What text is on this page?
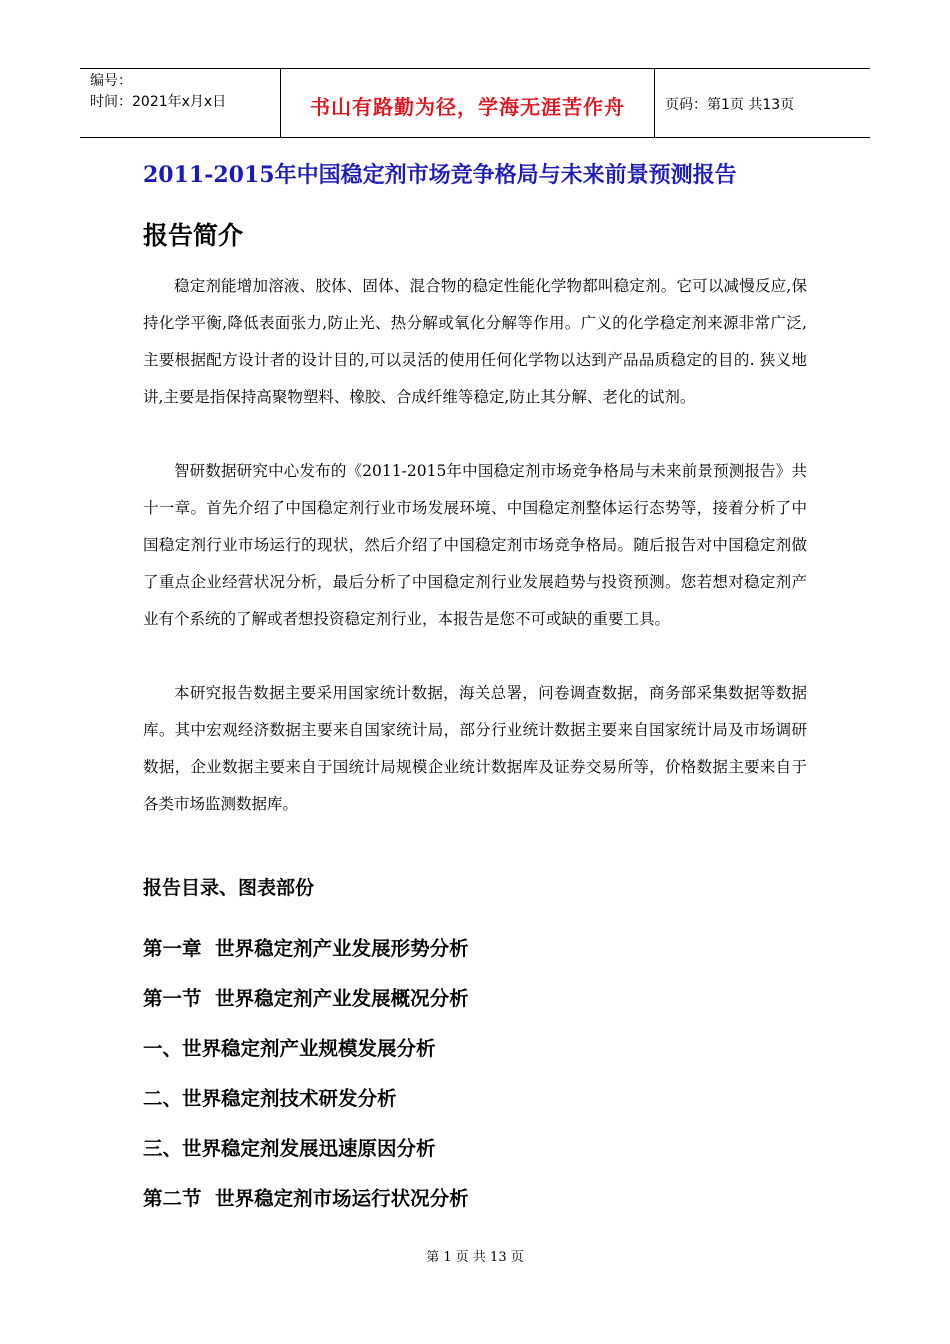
编号：
时间：2021年x月x日	书山有路勤为径，学海无涯苦作舟	页码：第1页 共13页
2011-2015年中国稳定剂市场竞争格局与未来前景预测报告
报告简介

稳定剂能增加溶液、胶体、固体、混合物的稳定性能化学物都叫稳定剂。它可以减慢反应,保持化学平衡,降低表面张力,防止光、热分解或氧化分解等作用。广义的化学稳定剂来源非常广泛,主要根据配方设计者的设计目的,可以灵活的使用任何化学物以达到产品品质稳定的目的. 狭义地讲,主要是指保持高聚物塑料、橡胶、合成纤维等稳定,防止其分解、老化的试剂。

智研数据研究中心发布的《2011-2015年中国稳定剂市场竞争格局与未来前景预测报告》共十一章。首先介绍了中国稳定剂行业市场发展环境、中国稳定剂整体运行态势等，接着分析了中国稳定剂行业市场运行的现状，然后介绍了中国稳定剂市场竞争格局。随后报告对中国稳定剂做了重点企业经营状况分析，最后分析了中国稳定剂行业发展趋势与投资预测。您若想对稳定剂产业有个系统的了解或者想投资稳定剂行业，本报告是您不可或缺的重要工具。

本研究报告数据主要采用国家统计数据，海关总署，问卷调查数据，商务部采集数据等数据库。其中宏观经济数据主要来自国家统计局，部分行业统计数据主要来自国家统计局及市场调研数据，企业数据主要来自于国统计局规模企业统计数据库及证券交易所等，价格数据主要来自于各类市场监测数据库。

报告目录、图表部份
第一章  世界稳定剂产业发展形势分析
第一节  世界稳定剂产业发展概况分析
一、世界稳定剂产业规模发展分析
二、世界稳定剂技术研发分析
三、世界稳定剂发展迅速原因分析
第二节  世界稳定剂市场运行状况分析
第 1 页 共 13 页
